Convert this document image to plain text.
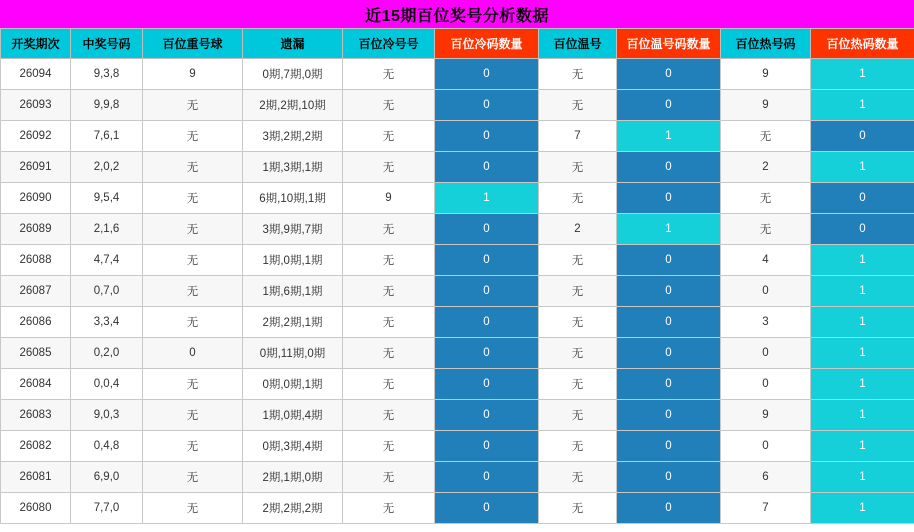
近15期百位奖号分析数据
开奖期次	中奖号码	百位重号球	遗漏	百位冷号号	百位冷码数量	百位温号	百位温号码数量	百位热号码	百位热码数量
26094	9,3,8	9	0期,7期,0期	无	0	无	0	9	1
26093	9,9,8	无	2期,2期,10期	无	0	无	0	9	1
26092	7,6,1	无	3期,2期,2期	无	0	7	1	无	0
26091	2,0,2	无	1期,3期,1期	无	0	无	0	2	1
26090	9,5,4	无	6期,10期,1期	9	1	无	0	无	0
26089	2,1,6	无	3期,9期,7期	无	0	2	1	无	0
26088	4,7,4	无	1期,0期,1期	无	0	无	0	4	1
26087	0,7,0	无	1期,6期,1期	无	0	无	0	0	1
26086	3,3,4	无	2期,2期,1期	无	0	无	0	3	1
26085	0,2,0	0	0期,11期,0期	无	0	无	0	0	1
26084	0,0,4	无	0期,0期,1期	无	0	无	0	0	1
26083	9,0,3	无	1期,0期,4期	无	0	无	0	9	1
26082	0,4,8	无	0期,3期,4期	无	0	无	0	0	1
26081	6,9,0	无	2期,1期,0期	无	0	无	0	6	1
26080	7,7,0	无	2期,2期,2期	无	0	无	0	7	1
